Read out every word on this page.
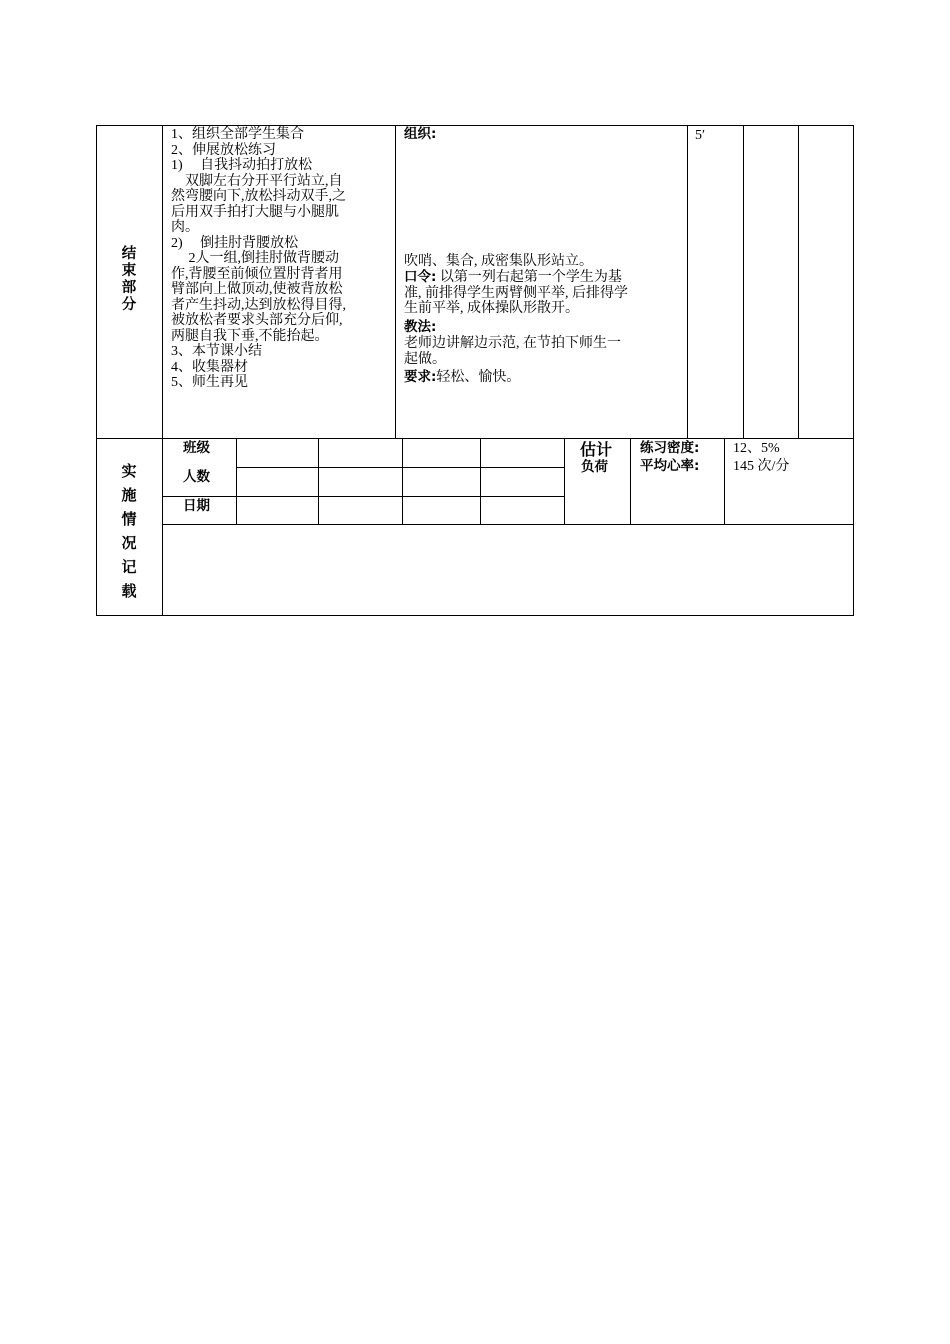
结
束
部
分
1、组织全部学生集合
2、伸展放松练习
1)　 自我抖动拍打放松
　双脚左右分开平行站立,自
然弯腰向下,放松抖动双手,之
后用双手拍打大腿与小腿肌
肉。
2)　 倒挂肘背腰放松
　 2人一组,倒挂肘做背腰动
作,背腰至前倾位置肘背者用
臂部向上做顶动,使被背放松
者产生抖动,达到放松得目得,
被放松者要求头部充分后仰,
两腿自我下垂,不能抬起。
3、本节课小结
4、收集器材
5、师生再见
组织:
吹哨、集合, 成密集队形站立。
口令: 以第一列右起第一个学生为基
准, 前排得学生两臂侧平举, 后排得学
生前平举, 成体操队形散开。
教法:
老师边讲解边示范, 在节拍下师生一
起做。
要求:轻松、愉快。
5′
实
施
情
况
记
载
班级
人数
日期
估计
负荷
练习密度:
平均心率:
12、5%
145 次/分
